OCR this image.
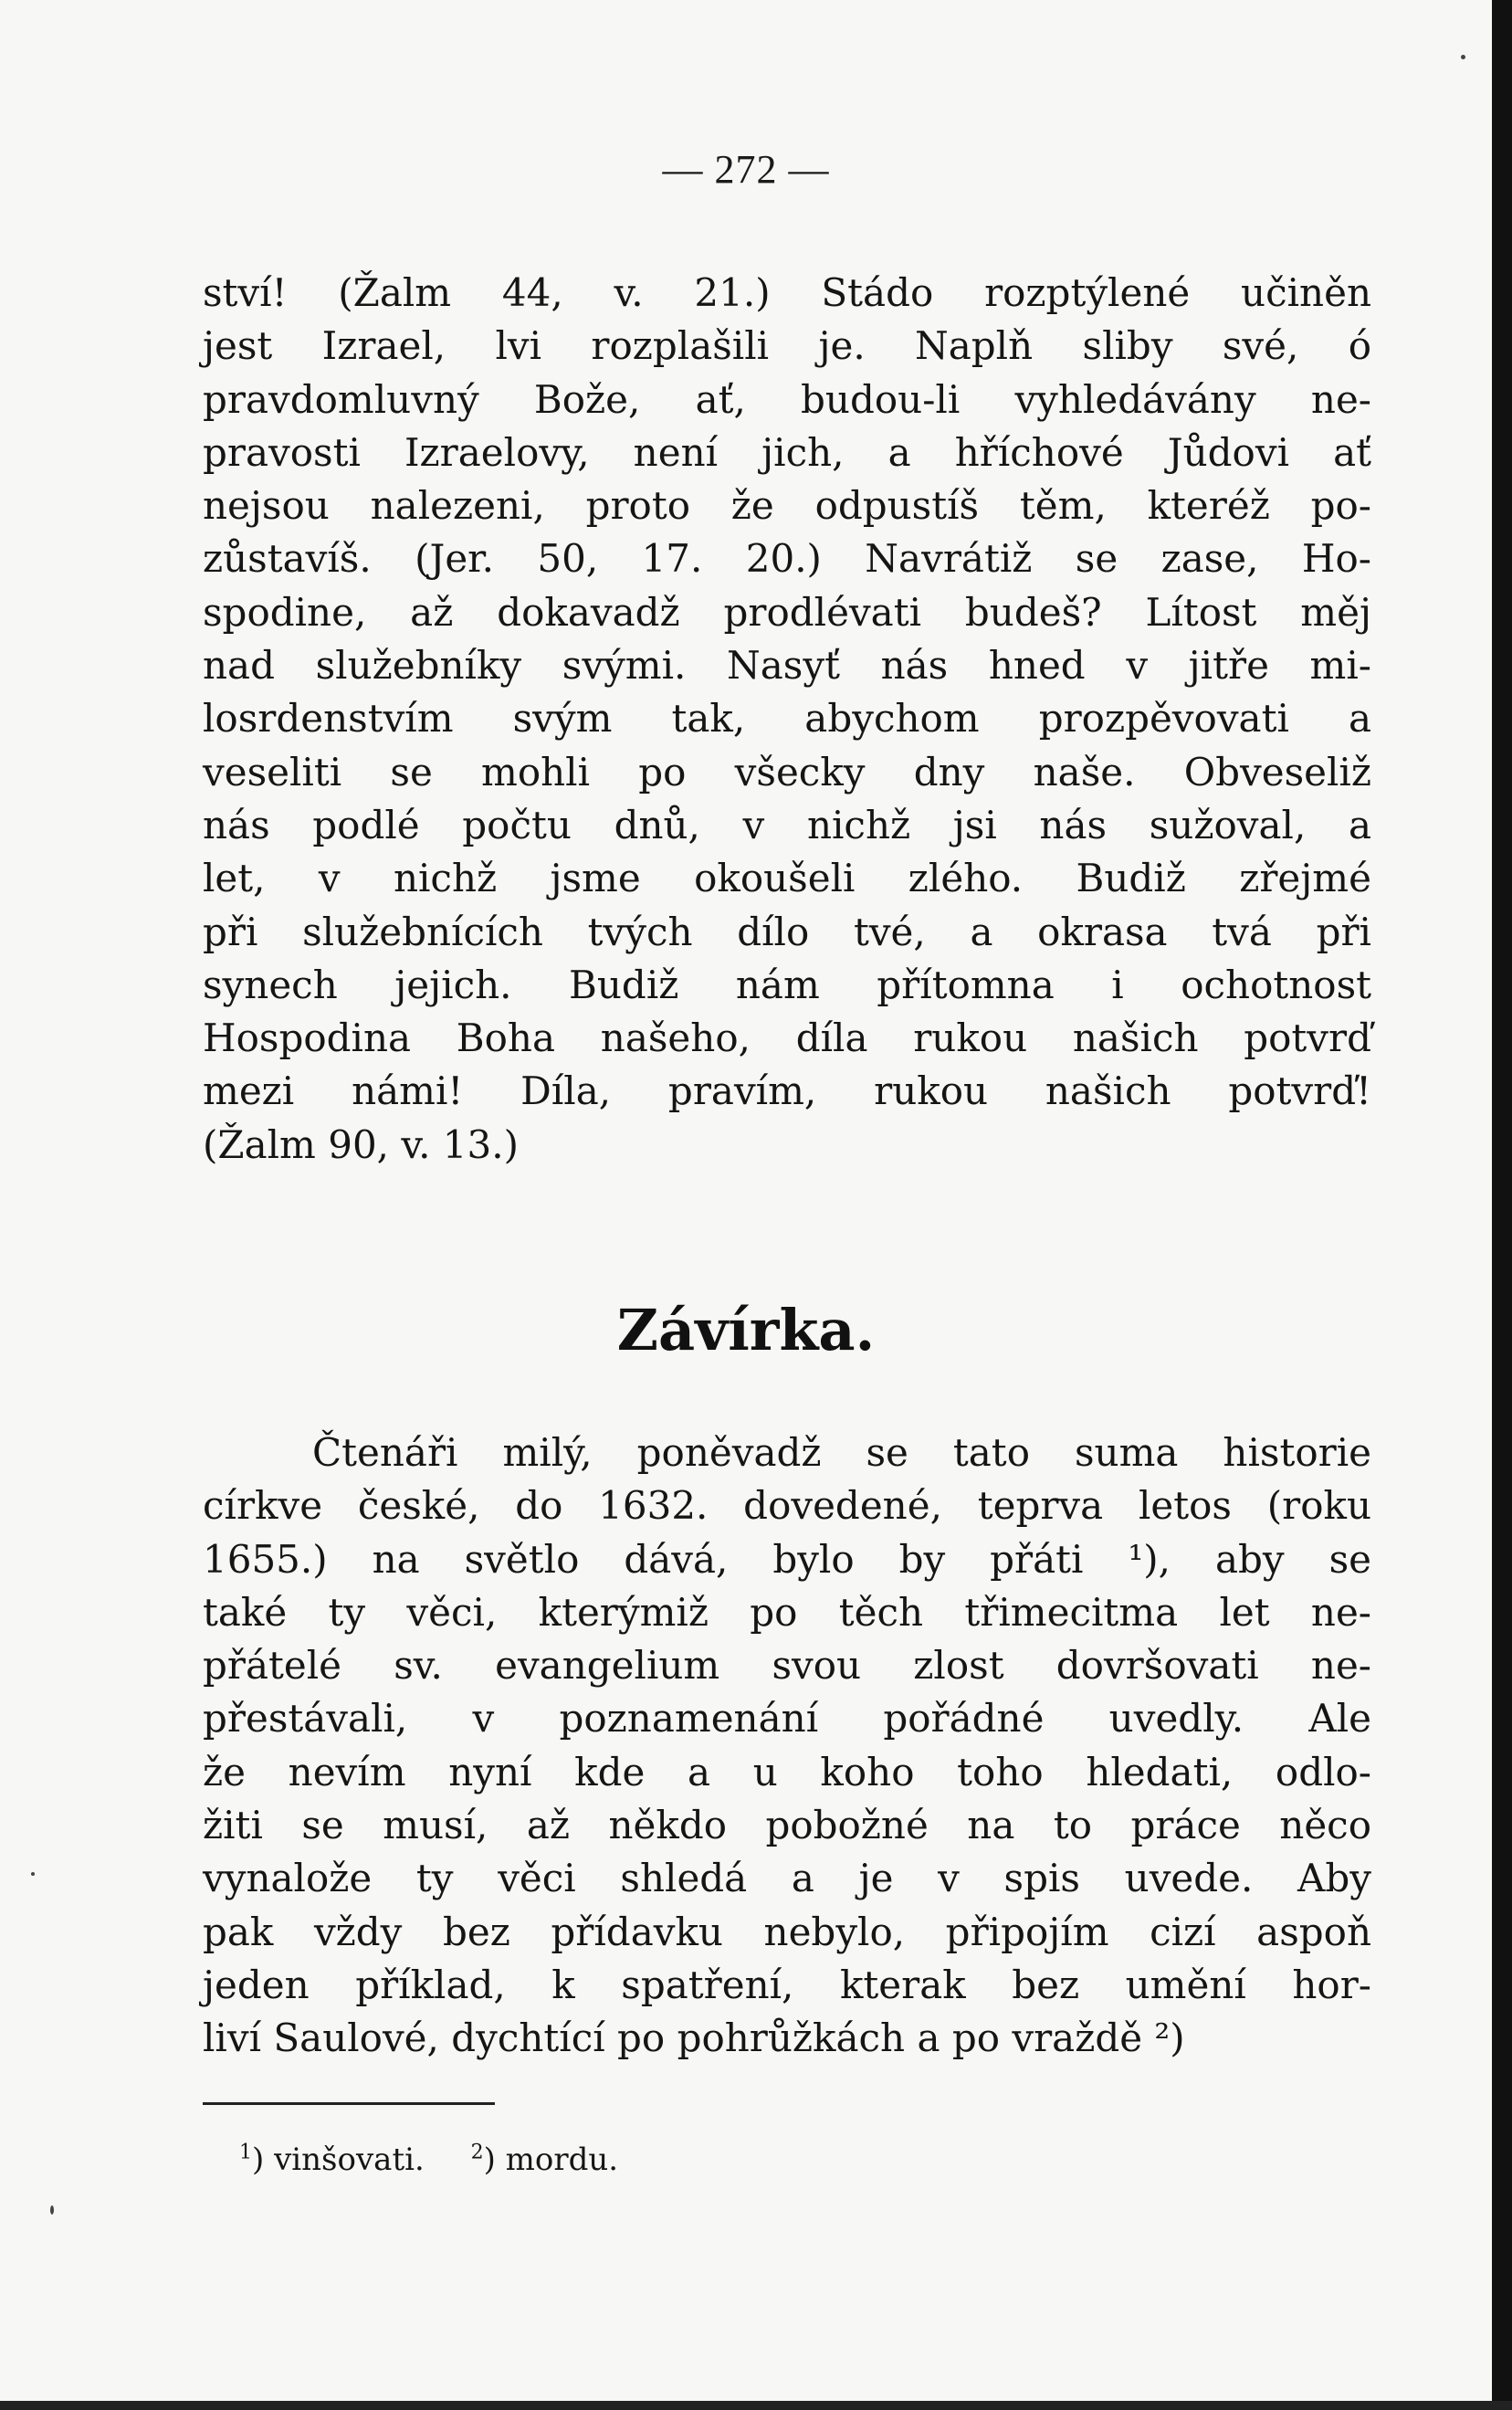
— 272 —
ství! (Žalm 44, v. 21.) Stádo rozptýlené učiněn
jest Izrael, lvi rozplašili je. Naplň sliby své, ó
pravdomluvný Bože, ať, budou-li vyhledávány ne-
pravosti Izraelovy, není jich, a hříchové Jůdovi ať
nejsou nalezeni, proto že odpustíš těm, kteréž po-
zůstavíš. (Jer. 50, 17. 20.) Navrátiž se zase, Ho-
spodine, až dokavadž prodlévati budeš? Lítost měj
nad služebníky svými. Nasyť nás hned v jitře mi-
losrdenstvím svým tak, abychom prozpěvovati a
veseliti se mohli po všecky dny naše. Obveseliž
nás podlé počtu dnů, v nichž jsi nás sužoval, a
let, v nichž jsme okoušeli zlého. Budiž zřejmé
při služebnících tvých dílo tvé, a okrasa tvá při
synech jejich. Budiž nám přítomna i ochotnost
Hospodina Boha našeho, díla rukou našich potvrď
mezi námi! Díla, pravím, rukou našich potvrď!
(Žalm 90, v. 13.)
Závírka.
Čtenáři milý, poněvadž se tato suma historie
církve české, do 1632. dovedené, teprva letos (roku
1655.) na světlo dává, bylo by přáti ¹), aby se
také ty věci, kterýmiž po těch třimecitma let ne-
přátelé sv. evangelium svou zlost dovršovati ne-
přestávali, v poznamenání pořádné uvedly. Ale
že nevím nyní kde a u koho toho hledati, odlo-
žiti se musí, až někdo pobožné na to práce něco
vynalože ty věci shledá a je v spis uvede. Aby
pak vždy bez přídavku nebylo, připojím cizí aspoň
jeden příklad, k spatření, kterak bez umění hor-
liví Saulové, dychtící po pohrůžkách a po vraždě ²)
$^1$) vinšovati. $^2$) mordu.
